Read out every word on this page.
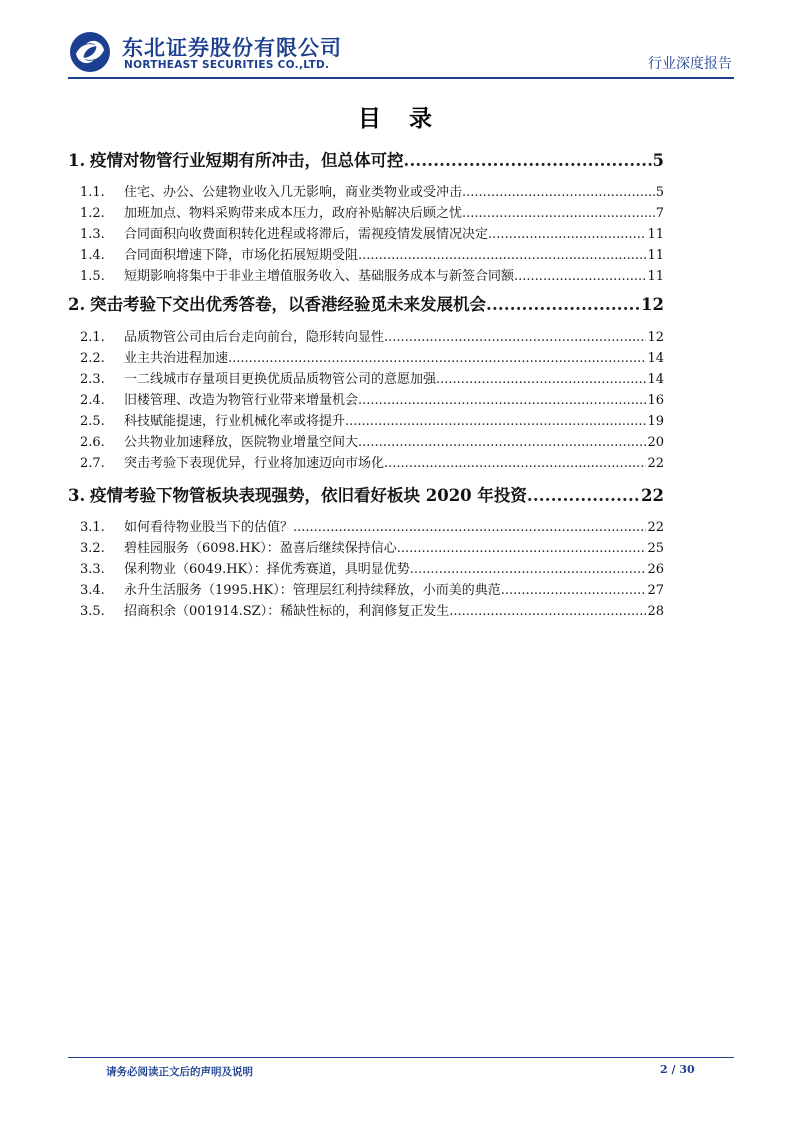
东北证券股份有限公司
NORTHEAST SECURITIES CO.,LTD.	行业深度报告
目 录
1. 疫情对物管行业短期有所冲击，但总体可控 .....	5
1.1.	住宅、办公、公建物业收入几无影响，商业类物业或受冲击 .....	5
1.2.	加班加点、物料采购带来成本压力，政府补贴解决后顾之忧 .....	7
1.3.	合同面积向收费面积转化进程或将滞后，需视疫情发展情况决定 .....	11
1.4.	合同面积增速下降，市场化拓展短期受阻 .....	11
1.5.	短期影响将集中于非业主增值服务收入、基础服务成本与新签合同额 .....	11
2. 突击考验下交出优秀答卷，以香港经验觅未来发展机会 .....	12
2.1.	品质物管公司由后台走向前台，隐形转向显性 .....	12
2.2.	业主共治进程加速 .....	14
2.3.	一二线城市存量项目更换优质品质物管公司的意愿加强 .....	14
2.4.	旧楼管理、改造为物管行业带来增量机会 .....	16
2.5.	科技赋能提速，行业机械化率或将提升 .....	19
2.6.	公共物业加速释放，医院物业增量空间大 .....	20
2.7.	突击考验下表现优异，行业将加速迈向市场化 .....	22
3. 疫情考验下物管板块表现强势，依旧看好板块 2020 年投资 .....	22
3.1.	如何看待物业股当下的估值？ .....	22
3.2.	碧桂园服务（6098.HK）：盈喜后继续保持信心 .....	25
3.3.	保利物业（6049.HK）：择优秀赛道，具明显优势 .....	26
3.4.	永升生活服务（1995.HK）：管理层红利持续释放，小而美的典范 .....	27
3.5.	招商积余（001914.SZ）：稀缺性标的，利润修复正发生 .....	28
请务必阅读正文后的声明及说明	2 / 30
